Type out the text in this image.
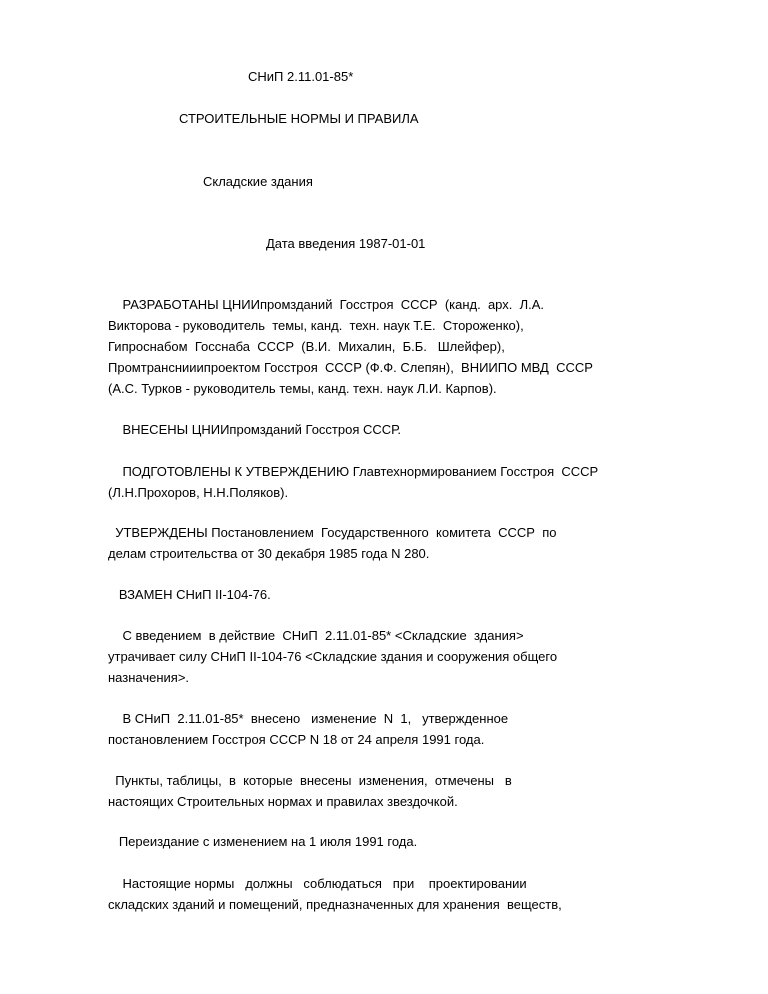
СНиП 2.11.01-85*
СТРОИТЕЛЬНЫЕ НОРМЫ И ПРАВИЛА
Складские здания
Дата введения 1987-01-01
РАЗРАБОТАНЫ ЦНИИпромзданий  Госстроя  СССР  (канд.  арх.  Л.А.
Викторова - руководитель  темы, канд.  техн. наук Т.Е.  Стороженко),
Гипроснабом  Госснаба  СССР  (В.И.  Михалин,  Б.Б.   Шлейфер),
Промтранснииипроектом Госстроя  СССР (Ф.Ф. Слепян),  ВНИИПО МВД  СССР
(А.С. Турков - руководитель темы, канд. техн. наук Л.И. Карпов).
ВНЕСЕНЫ ЦНИИпромзданий Госстроя СССР.
ПОДГОТОВЛЕНЫ К УТВЕРЖДЕНИЮ Главтехнормированием Госстроя  СССР
(Л.Н.Прохоров, Н.Н.Поляков).
УТВЕРЖДЕНЫ Постановлением  Государственного  комитета  СССР  по
делам строительства от 30 декабря 1985 года N 280.
ВЗАМЕН СНиП II-104-76.
С введением  в действие  СНиП  2.11.01-85* <Складские  здания>
утрачивает силу СНиП II-104-76 <Складские здания и сооружения общего
назначения>.
В СНиП  2.11.01-85*  внесено   изменение  N  1,   утвержденное
постановлением Госстроя СССР N 18 от 24 апреля 1991 года.
Пункты, таблицы,  в  которые  внесены  изменения,  отмечены   в
настоящих Строительных нормах и правилах звездочкой.
Переиздание с изменением на 1 июля 1991 года.
Настоящие нормы   должны   соблюдаться   при    проектировании
складских зданий и помещений, предназначенных для хранения  веществ,
